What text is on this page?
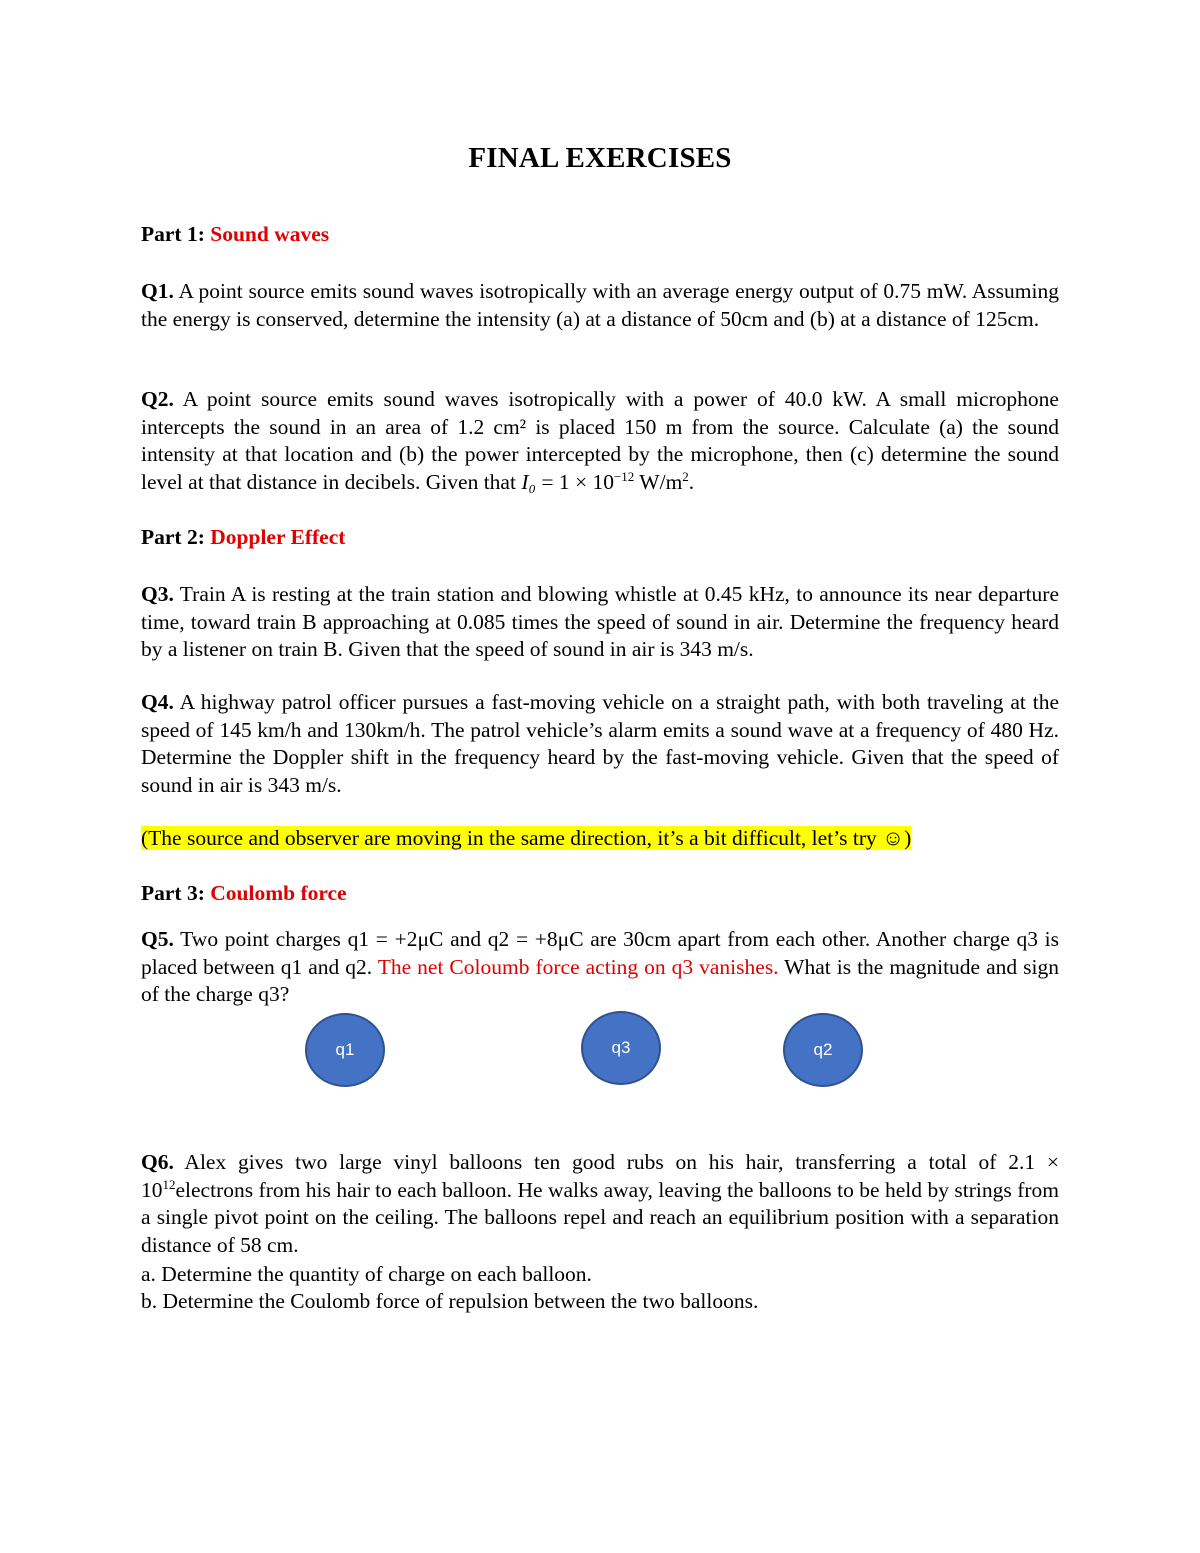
FINAL EXERCISES
Part 1: Sound waves
Q1. A point source emits sound waves isotropically with an average energy output of 0.75 mW. Assuming the energy is conserved, determine the intensity (a) at a distance of 50cm and (b) at a distance of 125cm.
Q2. A point source emits sound waves isotropically with a power of 40.0 kW. A small microphone intercepts the sound in an area of 1.2 cm² is placed 150 m from the source. Calculate (a) the sound intensity at that location and (b) the power intercepted by the microphone, then (c) determine the sound level at that distance in decibels. Given that $I_0 = 1 \times 10^{-12}$ $W/m^2$.
Part 2: Doppler Effect
Q3. Train A is resting at the train station and blowing whistle at 0.45 kHz, to announce its near departure time, toward train B approaching at 0.085 times the speed of sound in air. Determine the frequency heard by a listener on train B. Given that the speed of sound in air is 343 m/s.
Q4. A highway patrol officer pursues a fast-moving vehicle on a straight path, with both traveling at the speed of 145 km/h and 130km/h. The patrol vehicle’s alarm emits a sound wave at a frequency of 480 Hz. Determine the Doppler shift in the frequency heard by the fast-moving vehicle. Given that the speed of sound in air is 343 m/s.
(The source and observer are moving in the same direction, it’s a bit difficult, let’s try ☺)
Part 3: Coulomb force
Q5. Two point charges q1 = +2μC and q2 = +8μC are 30cm apart from each other. Another charge q3 is placed between q1 and q2. The net Coloumb force acting on q3 vanishes. What is the magnitude and sign of the charge q3?
q1	q3	q2
Q6. Alex gives two large vinyl balloons ten good rubs on his hair, transferring a total of $2.1 \times 10^{12}electrons$ from his hair to each balloon. He walks away, leaving the balloons to be held by strings from a single pivot point on the ceiling. The balloons repel and reach an equilibrium position with a separation distance of 58 cm.
a. Determine the quantity of charge on each balloon.
b. Determine the Coulomb force of repulsion between the two balloons.
